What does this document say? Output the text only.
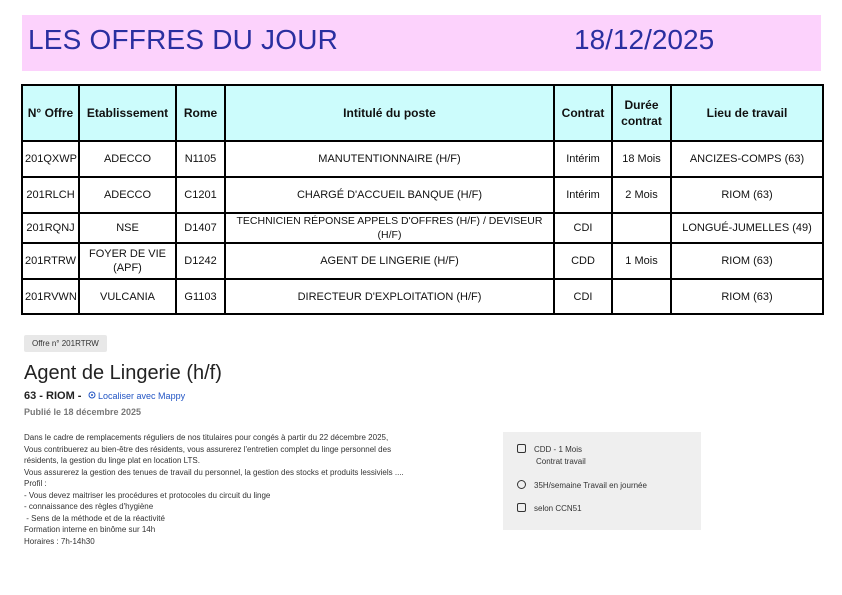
LES OFFRES DU JOUR	18/12/2025
N° Offre	Etablissement	Rome	Intitulé du poste	Contrat	Durée contrat	Lieu de travail
201QXWP	ADECCO	N1105	MANUTENTIONNAIRE (H/F)	Intérim	18 Mois	ANCIZES-COMPS (63)
201RLCH	ADECCO	C1201	CHARGÉ D'ACCUEIL BANQUE (H/F)	Intérim	2 Mois	RIOM (63)
201RQNJ	NSE	D1407	TECHNICIEN RÉPONSE APPELS D'OFFRES (H/F) / DEVISEUR (H/F)	CDI		LONGUÉ-JUMELLES (49)
201RTRW	FOYER DE VIE (APF)	D1242	AGENT DE LINGERIE (H/F)	CDD	1 Mois	RIOM (63)
201RVWN	VULCANIA	G1103	DIRECTEUR D'EXPLOITATION (H/F)	CDI		RIOM (63)
Offre n° 201RTRW
Agent de Lingerie (h/f)
63 - RIOM - Localiser avec Mappy
Publié le 18 décembre 2025

Dans le cadre de remplacements réguliers de nos titulaires pour congés à partir du 22 décembre 2025,

Vous contribuerez au bien-être des résidents, vous assurerez l'entretien complet du linge personnel des

résidents, la gestion du linge plat en location LTS.

Vous assurerez la gestion des tenues de travail du personnel, la gestion des stocks et produits lessiviels ....

Profil :

- Vous devez maitriser les procédures et protocoles du circuit du linge

- connaissance des règles d'hygiène

- Sens de la méthode et de la réactivité

Formation interne en binôme sur 14h

Horaires : 7h-14h30

CDD - 1 Mois
Contrat travail
35H/semaine Travail en journée
selon CCN51
